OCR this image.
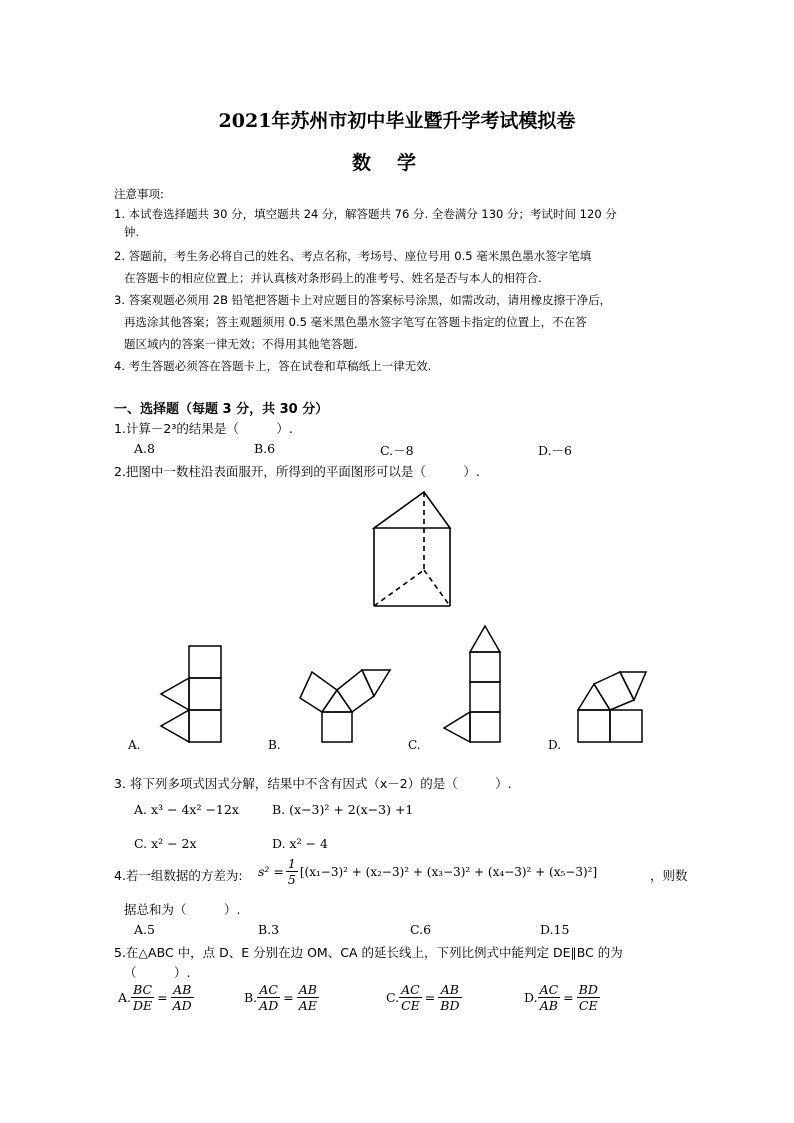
2021年苏州市初中毕业暨升学考试模拟卷
数学
注意事项:
1. 本试卷选择题共 30 分，填空题共 24 分，解答题共 76 分. 全卷满分 130 分；考试时间 120 分
钟.
2. 答题前，考生务必将自己的姓名、考点名称，考场号、座位号用 0.5 毫米黑色墨水签字笔填
在答题卡的相应位置上；并认真核对条形码上的准考号、姓名是否与本人的相符合.
3. 答案观题必须用 2B 铅笔把答题卡上对应题目的答案标号涂黑，如需改动，请用橡皮擦干净后，
再选涂其他答案；答主观题须用 0.5 毫米黑色墨水签字笔写在答题卡指定的位置上，不在答
题区域内的答案一律无效；不得用其他笔答题.
4. 考生答题必须答在答题卡上，答在试卷和草稿纸上一律无效.
一、选择题（每题 3 分，共 30 分）
1.计算－2³的结果是（　　　）.
A.8	B.6	C.－8	D.－6
2.把图中一数柱沿表面服开，所得到的平面图形可以是（　　　）.
A.	B.	C.	D.
3. 将下列多项式因式分解，结果中不含有因式（x－2）的是（　　　）.
A. x³ − 4x² −12x	B. (x−3)² + 2(x−3) +1
C. x² − 2x	D. x² − 4
4.若一组数据的方差为: $s^2 = \frac{1}{5} [(x_1-3)^2 + (x_2-3)^2 + (x_3-3)^2 + (x_4-3)^2 + (x_5-3)^2]$	，则数
据总和为（　　　）.
A.5	B.3	C.6	D.15
5.在△ABC 中，点 D、E 分别在边 OM、CA 的延长线上，下列比例式中能判定 DE∥BC 的为
（　　　）.
A. $\frac{BC}{DE} = \frac{AB}{AD}$	B. $\frac{AC}{AD} = \frac{AB}{AE}$	C. $\frac{AC}{CE} = \frac{AB}{BD}$	D. $\frac{AC}{AB} = \frac{BD}{CE}$
